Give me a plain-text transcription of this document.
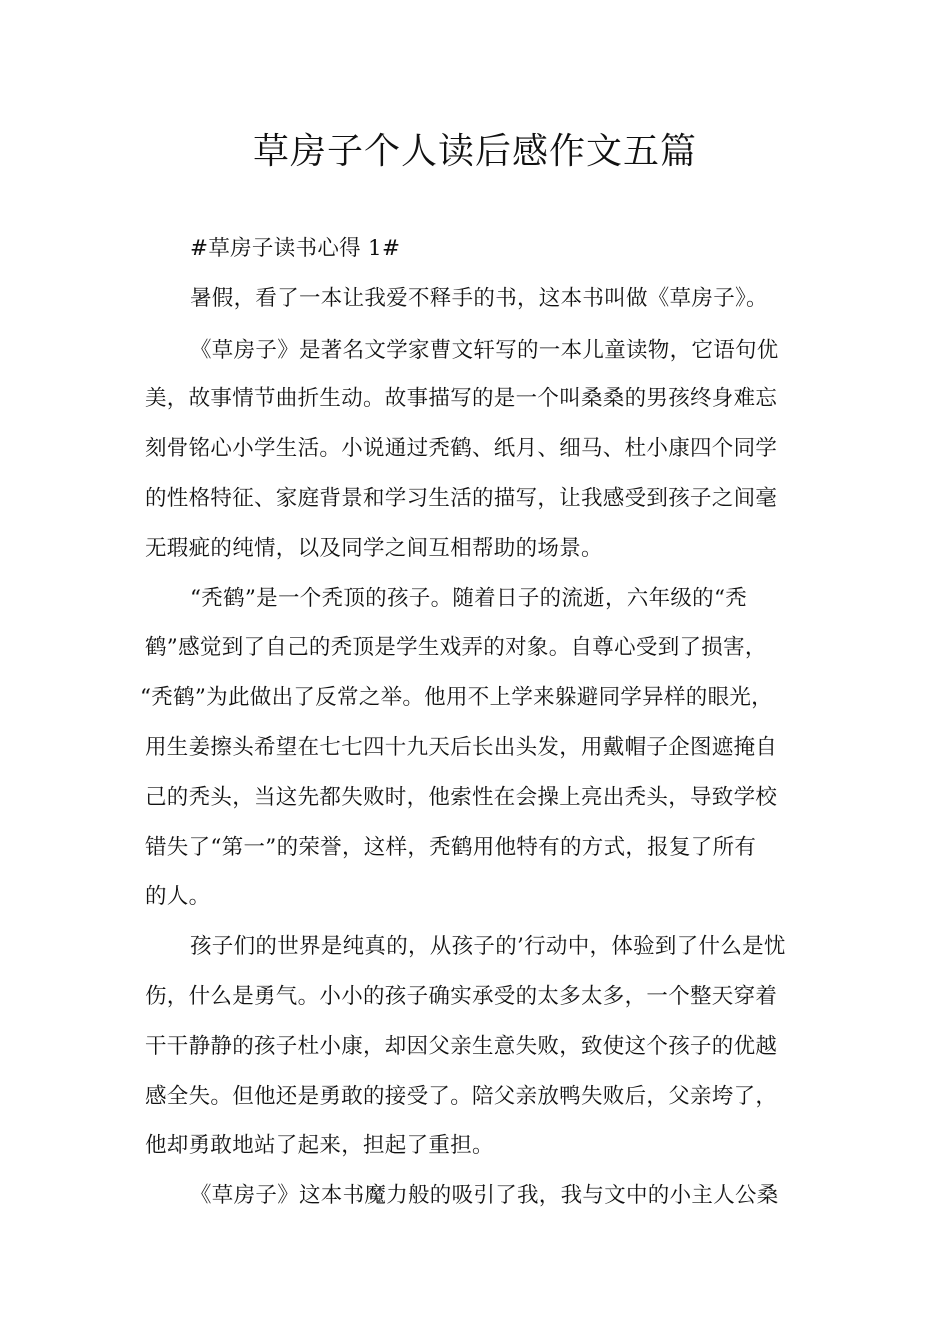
草房子个人读后感作文五篇
#草房子读书心得 1#
暑假，看了一本让我爱不释手的书，这本书叫做《草房子》。
《草房子》是著名文学家曹文轩写的一本儿童读物，它语句优
美，故事情节曲折生动。故事描写的是一个叫桑桑的男孩终身难忘
刻骨铭心小学生活。小说通过秃鹤、纸月、细马、杜小康四个同学
的性格特征、家庭背景和学习生活的描写，让我感受到孩子之间毫
无瑕疵的纯情，以及同学之间互相帮助的场景。
“秃鹤”是一个秃顶的孩子。随着日子的流逝，六年级的“秃
鹤”感觉到了自己的秃顶是学生戏弄的对象。自尊心受到了损害，
“秃鹤”为此做出了反常之举。他用不上学来躲避同学异样的眼光，
用生姜擦头希望在七七四十九天后长出头发，用戴帽子企图遮掩自
己的秃头，当这先都失败时，他索性在会操上亮出秃头，导致学校
错失了“第一”的荣誉，这样，秃鹤用他特有的方式，报复了所有
的人。
孩子们的世界是纯真的，从孩子的’行动中，体验到了什么是忧
伤，什么是勇气。小小的孩子确实承受的太多太多，一个整天穿着
干干静静的孩子杜小康，却因父亲生意失败，致使这个孩子的优越
感全失。但他还是勇敢的接受了。陪父亲放鸭失败后，父亲垮了，
他却勇敢地站了起来，担起了重担。
《草房子》这本书魔力般的吸引了我，我与文中的小主人公桑
